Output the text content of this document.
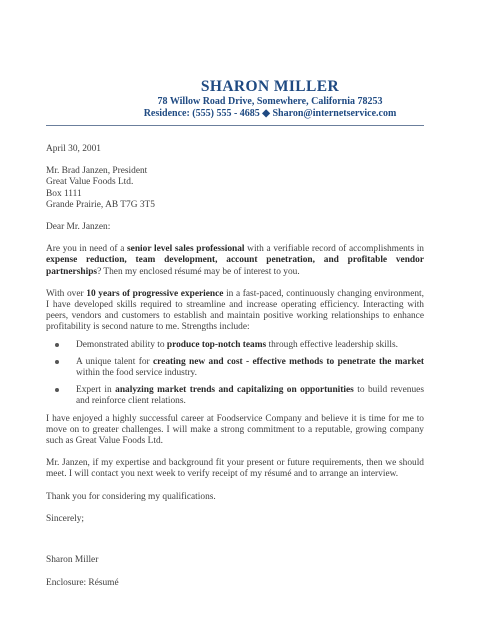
SHARON MILLER
78 Willow Road Drive, Somewhere, California 78253
Residence: (555) 555 - 4685 ◆ Sharon@internetservice.com

April 30, 2001

Mr. Brad Janzen, President
Great Value Foods Ltd.
Box 1111
Grande Prairie, AB T7G 3T5

Dear Mr. Janzen:

Are you in need of a senior level sales professional with a verifiable record of accomplishments in expense reduction, team development, account penetration, and profitable vendor partnerships? Then my enclosed résumé may be of interest to you.

With over 10 years of progressive experience in a fast-paced, continuously changing environment, I have developed skills required to streamline and increase operating efficiency. Interacting with peers, vendors and customers to establish and maintain positive working relationships to enhance profitability is second nature to me. Strengths include:

Demonstrated ability to produce top-notch teams through effective leadership skills.
A unique talent for creating new and cost - effective methods to penetrate the market within the food service industry.
Expert in analyzing market trends and capitalizing on opportunities to build revenues and reinforce client relations.

I have enjoyed a highly successful career at Foodservice Company and believe it is time for me to move on to greater challenges. I will make a strong commitment to a reputable, growing company such as Great Value Foods Ltd.

Mr. Janzen, if my expertise and background fit your present or future requirements, then we should meet. I will contact you next week to verify receipt of my résumé and to arrange an interview.

Thank you for considering my qualifications.

Sincerely;

Sharon Miller

Enclosure: Résumé
